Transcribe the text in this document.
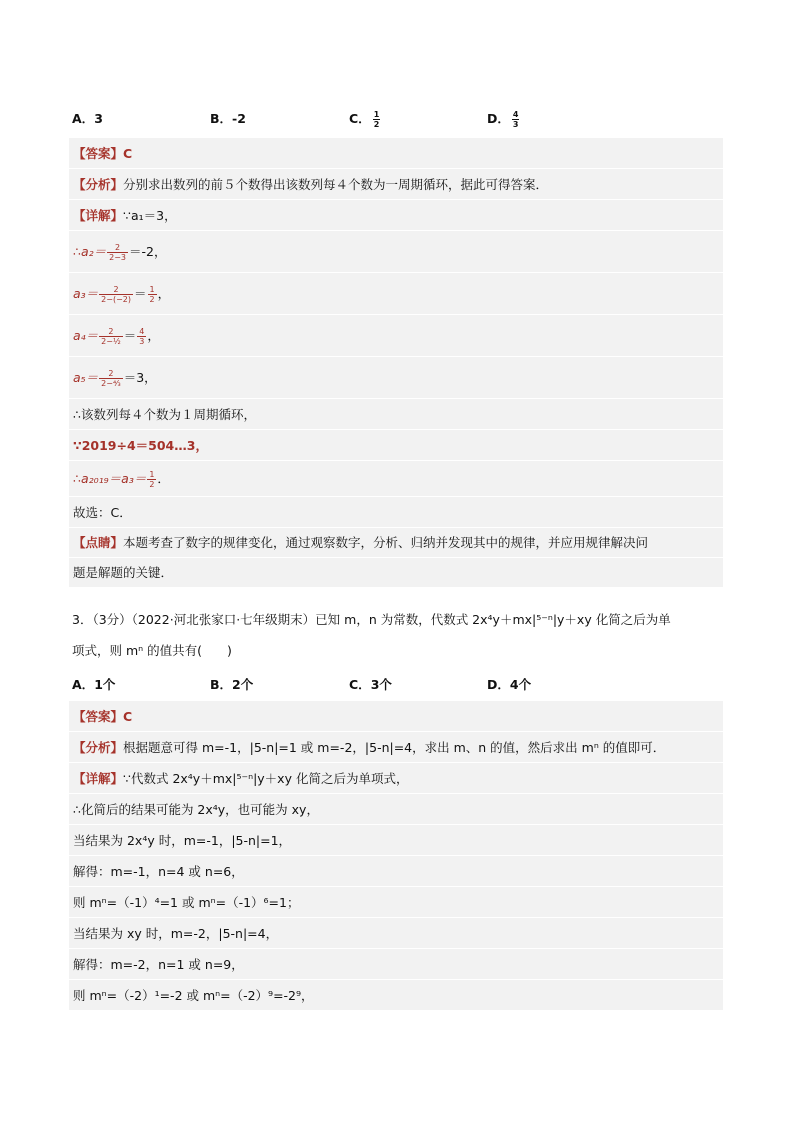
A．3	B．-2	C． $\frac{1}{2}$	D． $\frac{4}{3}$
【答案】C
【分析】分别求出数列的前５个数得出该数列每４个数为一周期循环，据此可得答案．
【详解】∵a₁＝3，
∴a₂＝ $\frac{2}{2-3} =-2$，
$a_3= \frac{2}{2-(-2)} = \frac{1}{2}$ ，
$a_4= \frac{2}{\text{2−½}} = \frac{4}{3}$ ，
$a_5= \frac{2}{\text{2−⁴⁄₃}} =3$，
∴该数列每４个数为１周期循环，
∵2019÷4＝504…3，
∴a₂₀₁₉＝a₃＝ $\frac{1}{2}$ ．
故选：C．
【点睛】本题考查了数字的规律变化，通过观察数字，分析、归纳并发现其中的规律，并应用规律解决问
题是解题的关键．
3．（3分）（2022·河北张家口·七年级期末）已知 m，n 为常数，代数式 2x⁴y＋mx|⁵⁻ⁿ|y＋xy 化简之后为单
项式，则 mⁿ 的值共有(　　)
A．1个	B．2个	C．3个	D．4个
【答案】C
【分析】根据题意可得 m=-1，|5-n|=1 或 m=-2，|5-n|=4，求出 m、n 的值，然后求出 mⁿ 的值即可．
【详解】∵代数式 2x⁴y＋mx|⁵⁻ⁿ|y＋xy 化简之后为单项式，
∴化简后的结果可能为 2x⁴y，也可能为 xy，
当结果为 2x⁴y 时，m=-1，|5-n|=1，
解得：m=-1，n=4 或 n=6，
则 mⁿ=（-1）⁴=1 或 mⁿ=（-1）⁶=1；
当结果为 xy 时，m=-2，|5-n|=4，
解得：m=-2，n=1 或 n=9，
则 mⁿ=（-2）¹=-2 或 mⁿ=（-2）⁹=-2⁹，
